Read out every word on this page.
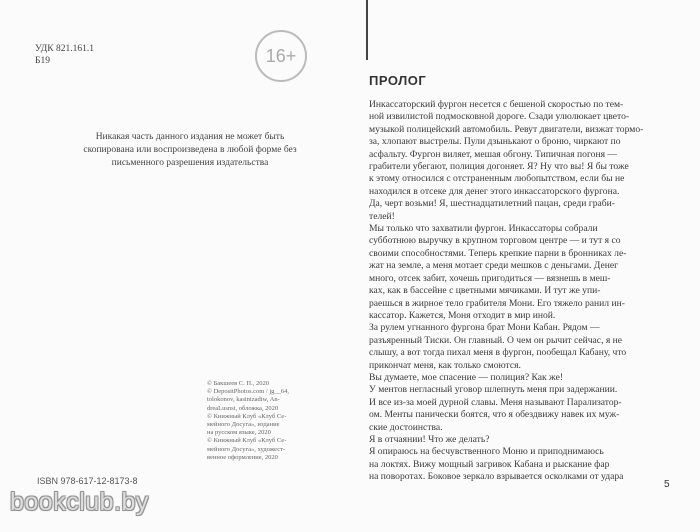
УДК 821.161.1
Б19	16+
Никакая часть данного издания не может быть скопирована или воспроизведена в любой форме без письменного разрешения издательства
© Бакшеев С. П., 2020
© DepositPhotos.com / jg__64,
tolokonov, kasinizadiw, An-
dreaLusnsi, обложка, 2020
© Книжный Клуб «Клуб Се-
мейного Досуга», издание
на русском языке, 2020
© Книжный Клуб «Клуб Се-
мейного Досуга», художест-
венное оформление, 2020
ISBN 978-617-12-8173-8
ПРОЛОГ

Инкассаторский фургон несется с бешеной скоростью по тем-

ной извилистой подмосковной дороге. Сзади улюлюкает цвето-

музыкой полицейский автомобиль. Ревут двигатели, визжат тормо-

за, хлопают выстрелы. Пули дзынькают о броню, чиркают по

асфальту. Фургон виляет, мешая обгону. Типичная погоня —

грабители убегают, полиция догоняет. Я? Ну что вы! Я бы тоже

к этому относился с отстраненным любопытством, если бы не

находился в отсеке для денег этого инкассаторского фургона.

Да, черт возьми! Я, шестнадцатилетний пацан, среди граби-

телей!

Мы только что захватили фургон. Инкассаторы собрали

субботнюю выручку в крупном торговом центре — и тут я со

своими способностями. Теперь крепкие парни в бронниках ле-

жат на земле, а меня мотает среди мешков с деньгами. Денег

много, отсек забит, хочешь пригодиться — вязнешь в меш-

ках, как в бассейне с цветными мячиками. И тут же упи-

раешься в жирное тело грабителя Мони. Его тяжело ранил ин-

кассатор. Кажется, Моня отходит в мир иной.

За рулем угнанного фургона брат Мони Кабан. Рядом —

разъяренный Тиски. Он главный. О чем он рычит сейчас, я не

слышу, а вот тогда пихал меня в фургон, пообещал Кабану, что

прикончат меня, как только смоются.

Вы думаете, мое спасение — полиция? Как же!

У ментов негласный уговор шлепнуть меня при задержании.

И все из-за моей дурной славы. Меня называют Парализатор-

ом. Менты панически боятся, что я обездвижу навек их муж-

ские достоинства.

Я в отчаянии! Что же делать?

Я опираюсь на бесчувственного Моню и приподнимаюсь

на локтях. Вижу мощный загривок Кабана и рыскание фар

на поворотах. Боковое зеркало взрывается осколками от удара

5
bookclub.by
